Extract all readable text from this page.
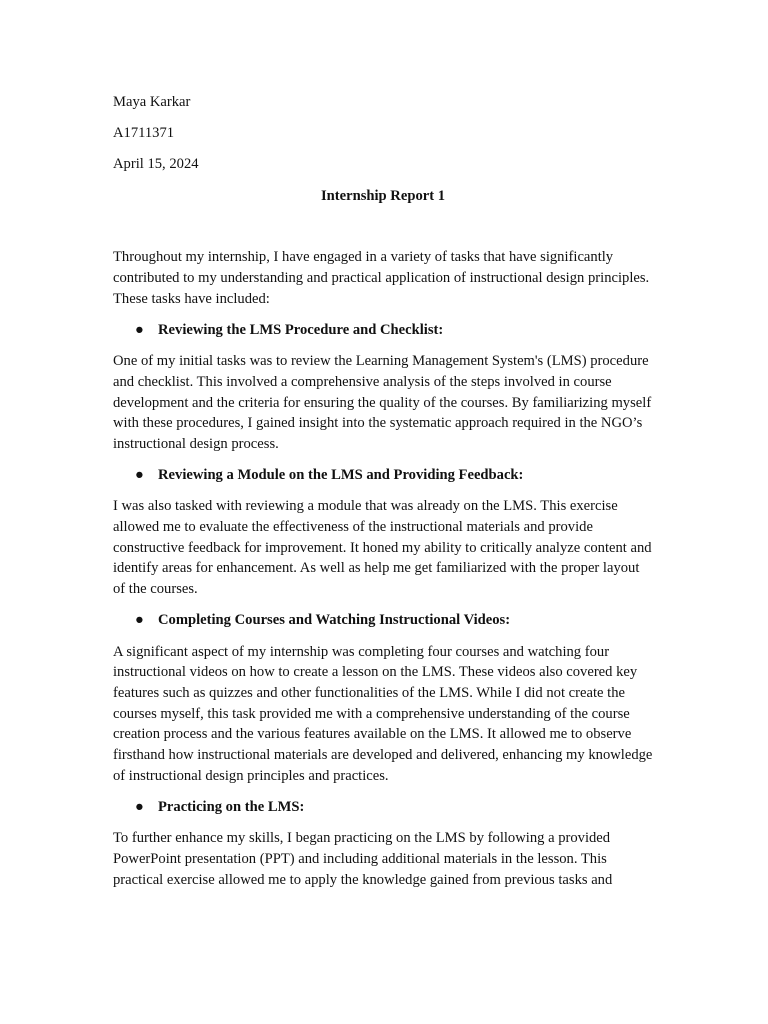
Maya Karkar

A1711371

April 15, 2024

Internship Report 1

Throughout my internship, I have engaged in a variety of tasks that have significantly contributed to my understanding and practical application of instructional design principles. These tasks have included:

● Reviewing the LMS Procedure and Checklist:

One of my initial tasks was to review the Learning Management System's (LMS) procedure and checklist. This involved a comprehensive analysis of the steps involved in course development and the criteria for ensuring the quality of the courses. By familiarizing myself with these procedures, I gained insight into the systematic approach required in the NGO’s instructional design process.

● Reviewing a Module on the LMS and Providing Feedback:

I was also tasked with reviewing a module that was already on the LMS. This exercise allowed me to evaluate the effectiveness of the instructional materials and provide constructive feedback for improvement. It honed my ability to critically analyze content and identify areas for enhancement. As well as help me get familiarized with the proper layout of the courses.

● Completing Courses and Watching Instructional Videos:

A significant aspect of my internship was completing four courses and watching four instructional videos on how to create a lesson on the LMS. These videos also covered key features such as quizzes and other functionalities of the LMS. While I did not create the courses myself, this task provided me with a comprehensive understanding of the course creation process and the various features available on the LMS. It allowed me to observe firsthand how instructional materials are developed and delivered, enhancing my knowledge of instructional design principles and practices.

● Practicing on the LMS:

To further enhance my skills, I began practicing on the LMS by following a provided PowerPoint presentation (PPT) and including additional materials in the lesson. This practical exercise allowed me to apply the knowledge gained from previous tasks and
